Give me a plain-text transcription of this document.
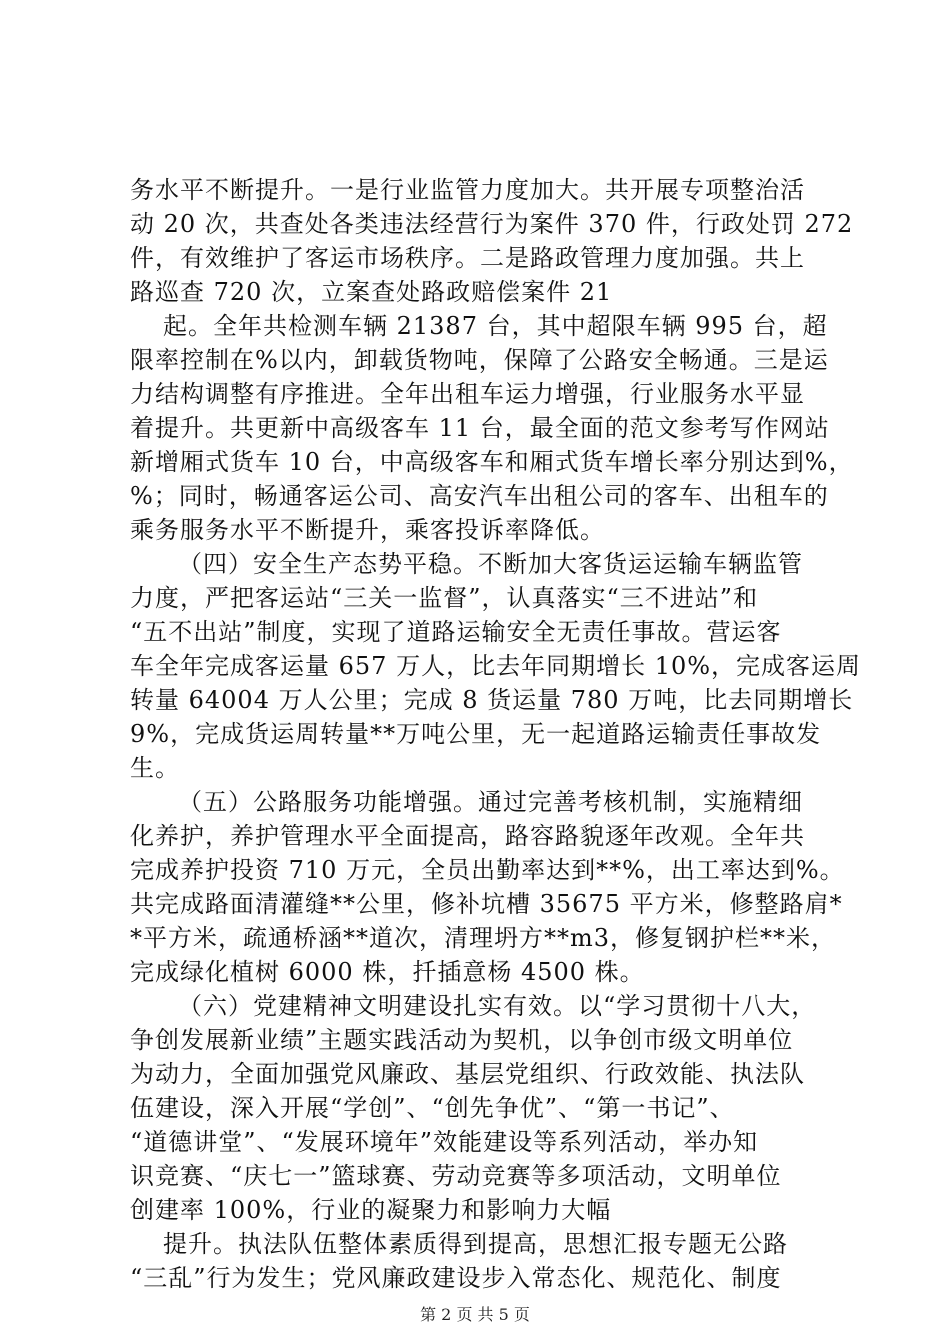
务水平不断提升。一是行业监管力度加大。共开展专项整治活
动 20 次，共查处各类违法经营行为案件 370 件，行政处罚 272
件，有效维护了客运市场秩序。二是路政管理力度加强。共上
路巡查 720 次，立案查处路政赔偿案件 21
起。全年共检测车辆 21387 台，其中超限车辆 995 台，超
限率控制在%以内，卸载货物吨，保障了公路安全畅通。三是运
力结构调整有序推进。全年出租车运力增强，行业服务水平显
着提升。共更新中高级客车 11 台，最全面的范文参考写作网站
新增厢式货车 10 台，中高级客车和厢式货车增长率分别达到%，
%；同时，畅通客运公司、高安汽车出租公司的客车、出租车的
乘务服务水平不断提升，乘客投诉率降低。
（四）安全生产态势平稳。不断加大客货运运输车辆监管
力度，严把客运站“三关一监督”，认真落实“三不进站”和
“五不出站”制度，实现了道路运输安全无责任事故。营运客
车全年完成客运量 657 万人，比去年同期增长 10%，完成客运周
转量 64004 万人公里；完成 8 货运量 780 万吨，比去同期增长
9%，完成货运周转量**万吨公里，无一起道路运输责任事故发
生。
（五）公路服务功能增强。通过完善考核机制，实施精细
化养护，养护管理水平全面提高，路容路貌逐年改观。全年共
完成养护投资 710 万元，全员出勤率达到**%，出工率达到%。
共完成路面清灌缝**公里，修补坑槽 35675 平方米，修整路肩*
*平方米，疏通桥涵**道次，清理坍方**m3，修复钢护栏**米，
完成绿化植树 6000 株，扦插意杨 4500 株。
（六）党建精神文明建设扎实有效。以“学习贯彻十八大，
争创发展新业绩”主题实践活动为契机，以争创市级文明单位
为动力，全面加强党风廉政、基层党组织、行政效能、执法队
伍建设，深入开展“学创”、“创先争优”、“第一书记”、
“道德讲堂”、“发展环境年”效能建设等系列活动，举办知
识竞赛、“庆七一”篮球赛、劳动竞赛等多项活动，文明单位
创建率 100%，行业的凝聚力和影响力大幅
提升。执法队伍整体素质得到提高，思想汇报专题无公路
“三乱”行为发生；党风廉政建设步入常态化、规范化、制度
第 2 页 共 5 页
